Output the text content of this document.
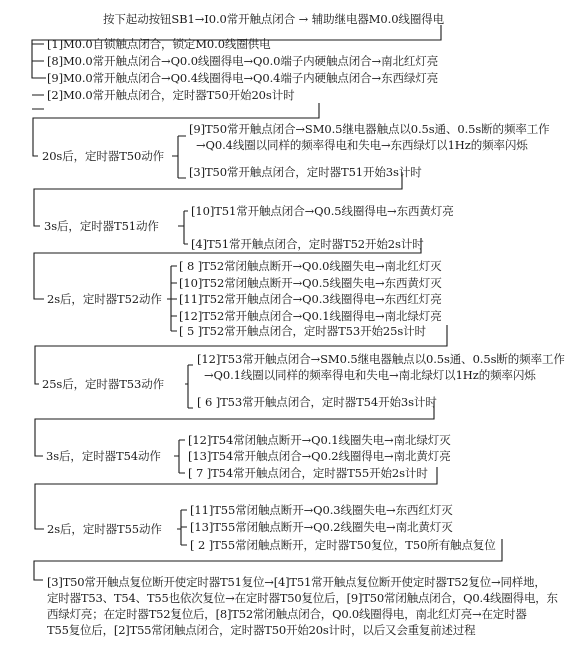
按下起动按钮SB1→I0.0常开触点闭合 → 辅助继电器M0.0线圈得电
[1]M0.0自锁触点闭合，锁定M0.0线圈供电
[8]M0.0常开触点闭合→Q0.0线圈得电→Q0.0端子内硬触点闭合→南北红灯亮
[9]M0.0常开触点闭合→Q0.4线圈得电→Q0.4端子内硬触点闭合→东西绿灯亮
[2]M0.0常开触点闭合，定时器T50开始20s计时
20s后，定时器T50动作
[9]T50常开触点闭合→SM0.5继电器触点以0.5s通、0.5s断的频率工作
→Q0.4线圈以同样的频率得电和失电→东西绿灯以1Hz的频率闪烁
[3]T50常开触点闭合，定时器T51开始3s计时
3s后，定时器T51动作
[10]T51常开触点闭合→Q0.5线圈得电→东西黄灯亮
[4]T51常开触点闭合，定时器T52开始2s计时
2s后，定时器T52动作
[ 8 ]T52常闭触点断开→Q0.0线圈失电→南北红灯灭
[10]T52常闭触点断开→Q0.5线圈失电→东西黄灯灭
[11]T52常开触点闭合→Q0.3线圈得电→东西红灯亮
[12]T52常开触点闭合→Q0.1线圈得电→南北绿灯亮
[ 5 ]T52常开触点闭合，定时器T53开始25s计时
25s后，定时器T53动作
[12]T53常开触点闭合→SM0.5继电器触点以0.5s通、0.5s断的频率工作
→Q0.1线圈以同样的频率得电和失电→南北绿灯以1Hz的频率闪烁
[ 6 ]T53常开触点闭合，定时器T54开始3s计时
3s后，定时器T54动作
[12]T54常闭触点断开→Q0.1线圈失电→南北绿灯灭
[13]T54常开触点闭合→Q0.2线圈得电→南北黄灯亮
[ 7 ]T54常开触点闭合，定时器T55开始2s计时
2s后，定时器T55动作
[11]T55常闭触点断开→Q0.3线圈失电→东西红灯灭
[13]T55常闭触点断开→Q0.2线圈失电→南北黄灯灭
[ 2 ]T55常闭触点断开，定时器T50复位，T50所有触点复位
[3]T50常开触点复位断开使定时器T51复位→[4]T51常开触点复位断开使定时器T52复位→同样地，
定时器T53、T54、T55也依次复位→在定时器T50复位后，[9]T50常闭触点闭合，Q0.4线圈得电，东
西绿灯亮；在定时器T52复位后，[8]T52常闭触点闭合，Q0.0线圈得电，南北红灯亮→在定时器
T55复位后，[2]T55常闭触点闭合，定时器T50开始20s计时，以后又会重复前述过程
